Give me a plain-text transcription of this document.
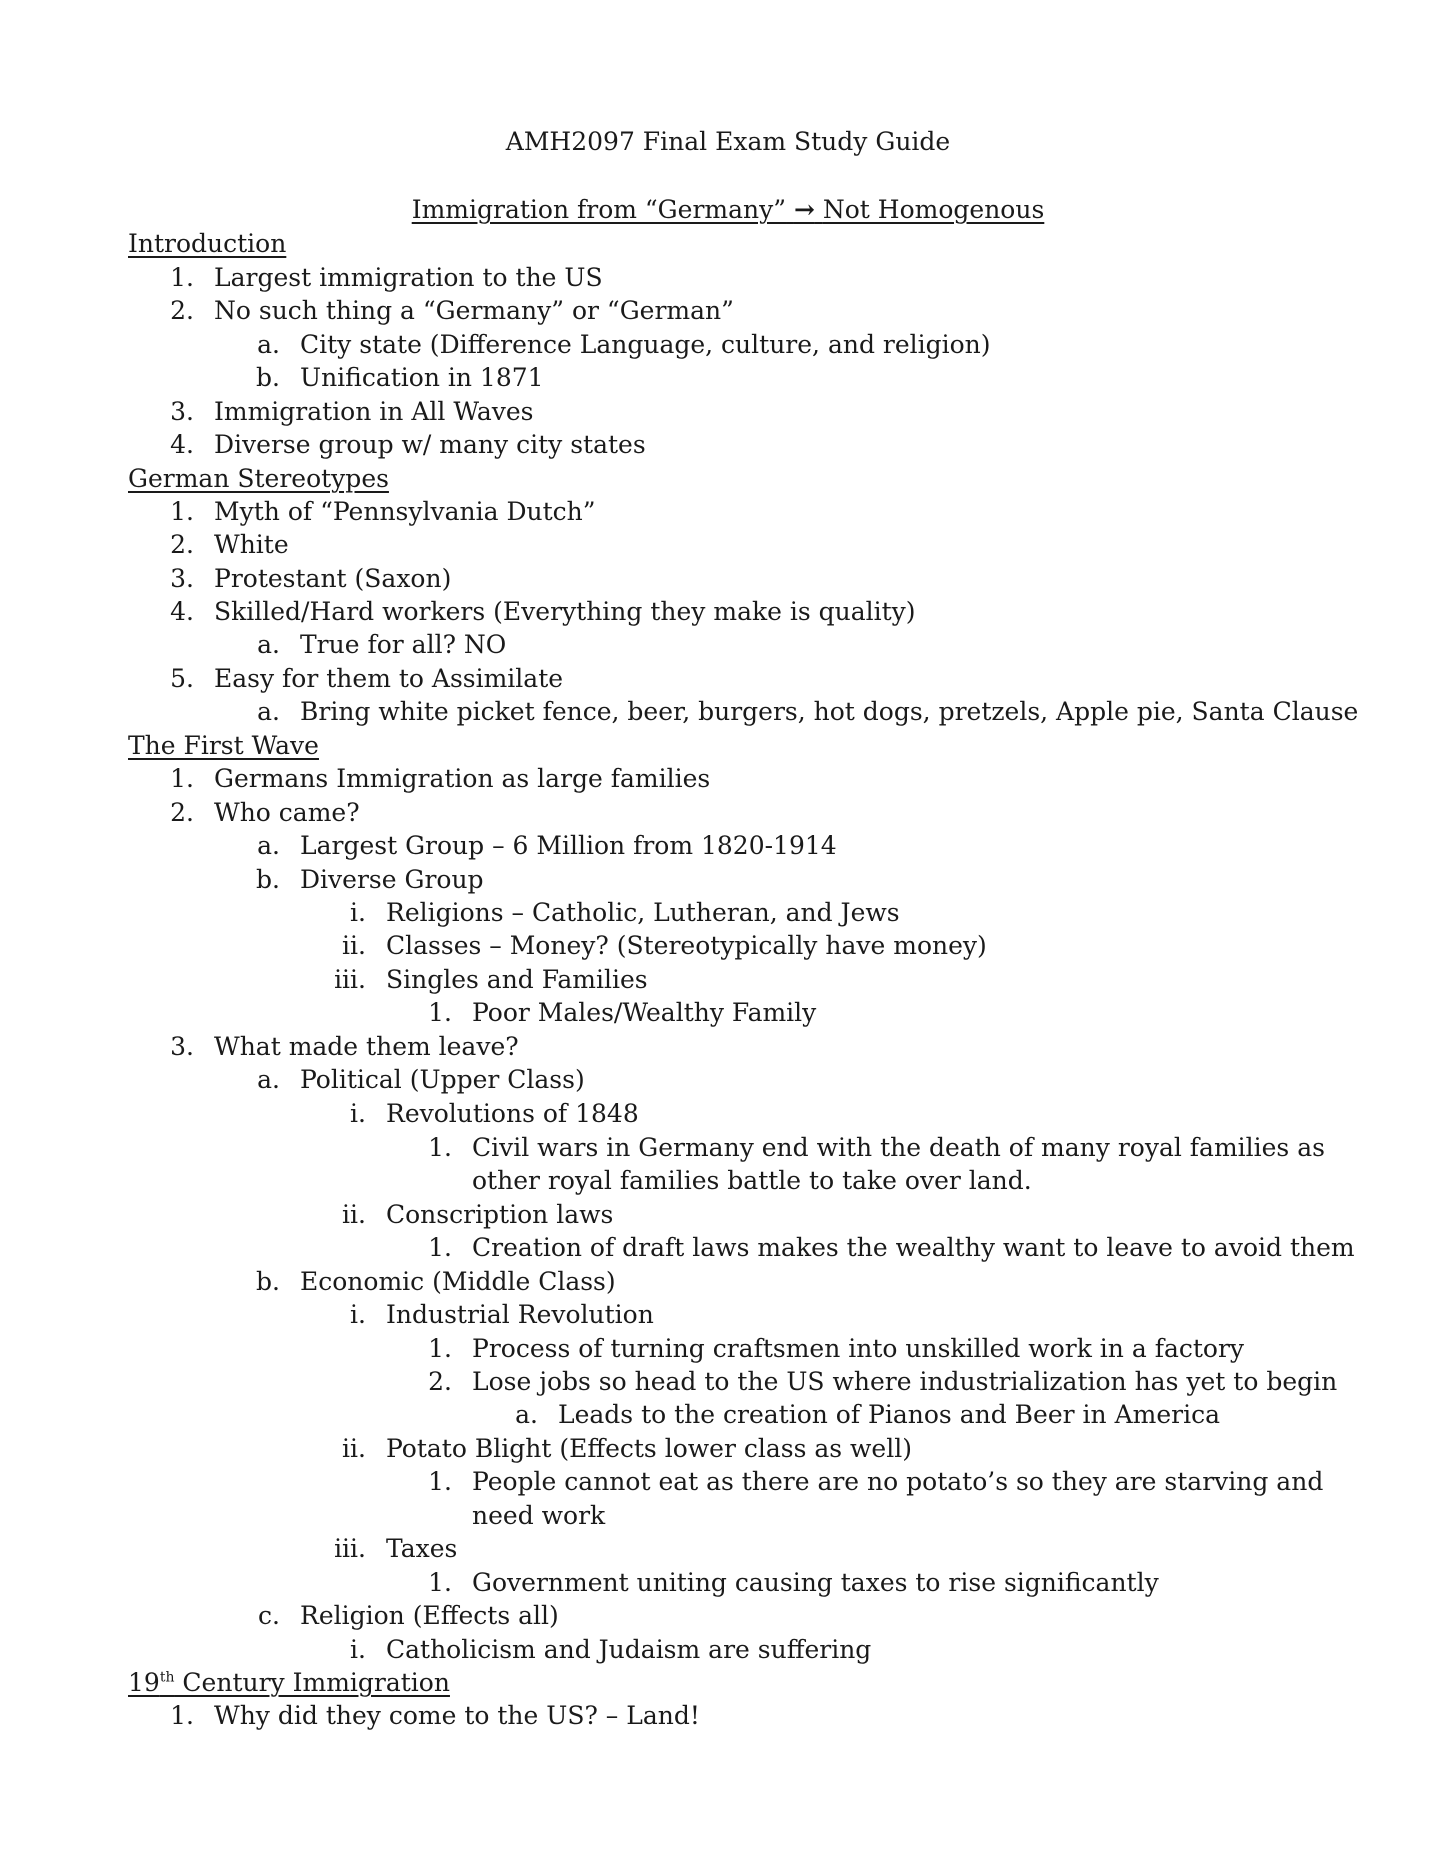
AMH2097 Final Exam Study Guide
Immigration from “Germany” → Not Homogenous
Introduction
1. Largest immigration to the US
2. No such thing a “Germany” or “German”
a. City state (Difference Language, culture, and religion)
b. Unification in 1871
3. Immigration in All Waves
4. Diverse group w/ many city states
German Stereotypes
1. Myth of “Pennsylvania Dutch”
2. White
3. Protestant (Saxon)
4. Skilled/Hard workers (Everything they make is quality)
a. True for all? NO
5. Easy for them to Assimilate
a. Bring white picket fence, beer, burgers, hot dogs, pretzels, Apple pie, Santa Clause
The First Wave
1. Germans Immigration as large families
2. Who came?
a. Largest Group – 6 Million from 1820-1914
b. Diverse Group
i. Religions – Catholic, Lutheran, and Jews
ii. Classes – Money? (Stereotypically have money)
iii. Singles and Families
1. Poor Males/Wealthy Family
3. What made them leave?
a. Political (Upper Class)
i. Revolutions of 1848
1. Civil wars in Germany end with the death of many royal families as
other royal families battle to take over land.
ii. Conscription laws
1. Creation of draft laws makes the wealthy want to leave to avoid them
b. Economic (Middle Class)
i. Industrial Revolution
1. Process of turning craftsmen into unskilled work in a factory
2. Lose jobs so head to the US where industrialization has yet to begin
a. Leads to the creation of Pianos and Beer in America
ii. Potato Blight (Effects lower class as well)
1. People cannot eat as there are no potato’s so they are starving and
need work
iii. Taxes
1. Government uniting causing taxes to rise significantly
c. Religion (Effects all)
i. Catholicism and Judaism are suffering
19th Century Immigration
1. Why did they come to the US? – Land!
